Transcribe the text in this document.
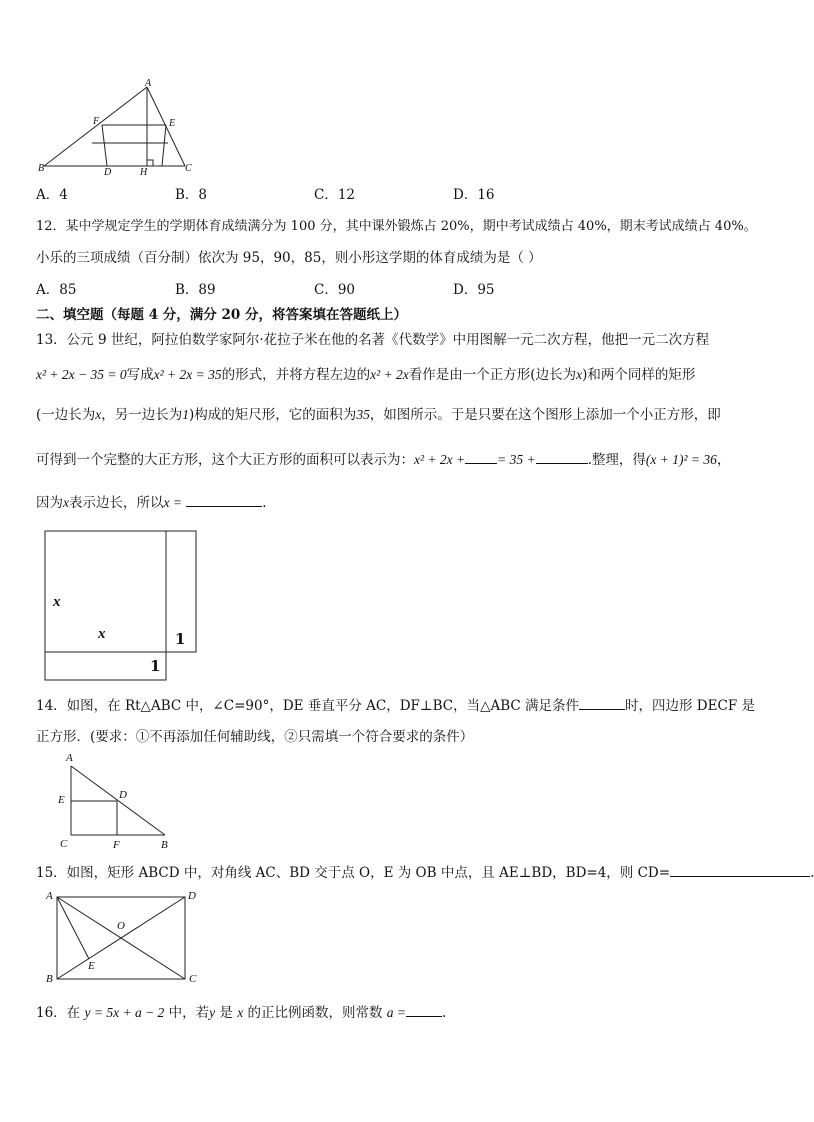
A
F	E
B	D	H	C
A．4	B．8	C．12	D．16
12．某中学规定学生的学期体育成绩满分为 100 分，其中课外锻炼占 20%，期中考试成绩占 40%，期末考试成绩占 40%。
小乐的三项成绩（百分制）依次为 95，90，85，则小彤这学期的体育成绩为是（ ）
A．85	B．89	C．90	D．95
二、填空题（每题 4 分，满分 20 分，将答案填在答题纸上）
13．公元 9 世纪，阿拉伯数学家阿尔·花拉子米在他的名著《代数学》中用图解一元二次方程，他把一元二次方程
x² + 2x − 35 = 0写成x² + 2x = 35的形式，并将方程左边的x² + 2x看作是由一个正方形(边长为x)和两个同样的矩形
(一边长为x，另一边长为1)构成的矩尺形，它的面积为35，如图所示。于是只要在这个图形上添加一个小正方形，即
可得到一个完整的大正方形，这个大正方形的面积可以表示为：x² + 2x + = 35 +	.整理，得(x + 1)² = 36，
因为x表示边长，所以x =	.
x
x	1
1
14．如图，在 Rt△ABC 中，∠C=90°，DE 垂直平分 AC，DF⊥BC，当△ABC 满足条件	时，四边形 DECF 是
正方形．(要求：①不再添加任何辅助线，②只需填一个符合要求的条件）
A
E	D
C	F	B
15．如图，矩形 ABCD 中，对角线 AC、BD 交于点 O，E 为 OB 中点，且 AE⊥BD，BD=4，则 CD=	.
A	D
O
B
E
C
16．在 y = 5x + a − 2 中，若y 是 x 的正比例函数，则常数 a =	.
